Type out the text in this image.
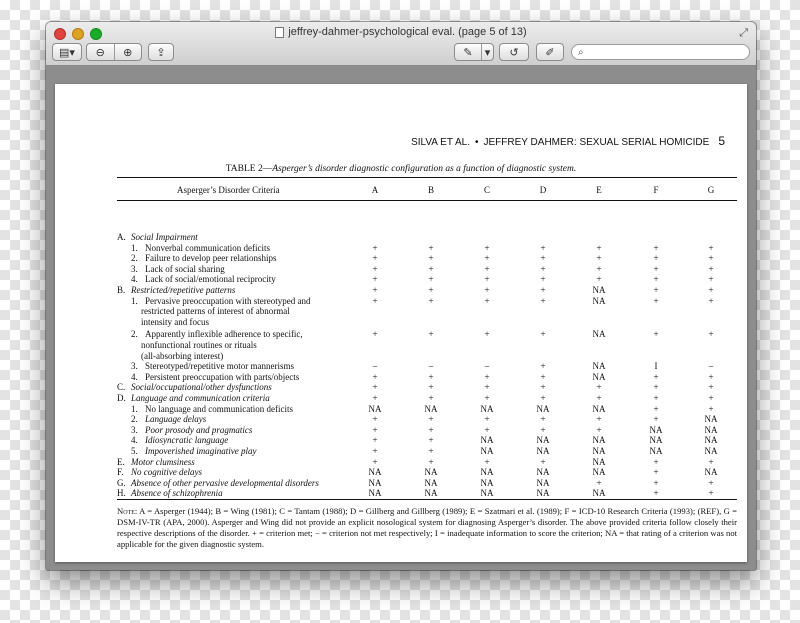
jeffrey-dahmer-psychological eval. (page 5 of 13)	⤢
▤▾ ⊖ ⊕ ⇪	✎	▾ ↺ ✐ ⌕
SILVA ET AL. • JEFFREY DAHMER: SEXUAL SERIAL HOMICIDE 5
TABLE 2—Asperger’s disorder diagnostic configuration as a function of diagnostic system.
Asperger’s Disorder Criteria	A	B	C	D	E	F	G
A. Social Impairment
1. Nonverbal communication deficits	+	+	+	+	+	+	+
2. Failure to develop peer relationships	+	+	+	+	+	+	+
3. Lack of social sharing	+	+	+	+	+	+	+
4. Lack of social/emotional reciprocity	+	+	+	+	+	+	+
B. Restricted/repetitive patterns	+	+	+	+	NA	+	+
1. Pervasive preoccupation with stereotyped and	+	+	+	+	NA	+	+
restricted patterns of interest of abnormal
intensity and focus
2. Apparently inflexible adherence to specific,	+	+	+	+	NA	+	+
nonfunctional routines or rituals
(all-absorbing interest)
3. Stereotyped/repetitive motor mannerisms	–	–	–	+	NA	I	–
4. Persistent preoccupation with parts/objects	+	+	+	+	NA	+	+
C. Social/occupational/other dysfunctions	+	+	+	+	+	+	+
D. Language and communication criteria	+	+	+	+	+	+	+
1. No language and communication deficits	NA	NA	NA	NA	NA	+	+
2. Language delays	+	+	+	+	+	+	NA
3. Poor prosody and pragmatics	+	+	+	+	+	NA	NA
4. Idiosyncratic language	+	+	NA	NA	NA	NA	NA
5. Impoverished imaginative play	+	+	NA	NA	NA	NA	NA
E. Motor clumsiness	+	+	+	+	NA	+	+
F. No cognitive delays	NA	NA	NA	NA	NA	+	NA
G. Absence of other pervasive developmental disorders	NA	NA	NA	NA	+	+	+
H. Absence of schizophrenia	NA	NA	NA	NA	NA	+	+
Note: A = Asperger (1944); B = Wing (1981); C = Tantam (1988); D = Gillberg and Gillberg (1989); E = Szatmari et al. (1989); F = ICD-10 Research Criteria (1993); (REF), G = DSM-IV-TR (APA, 2000). Asperger and Wing did not provide an explicit nosological system for diagnosing Asperger’s disorder. The above provided criteria follow closely their respective descriptions of the disorder. + = criterion met; − = criterion not met respectively; I = inadequate information to score the criterion; NA = that rating of a criterion was not applicable for the given diagnostic system.
